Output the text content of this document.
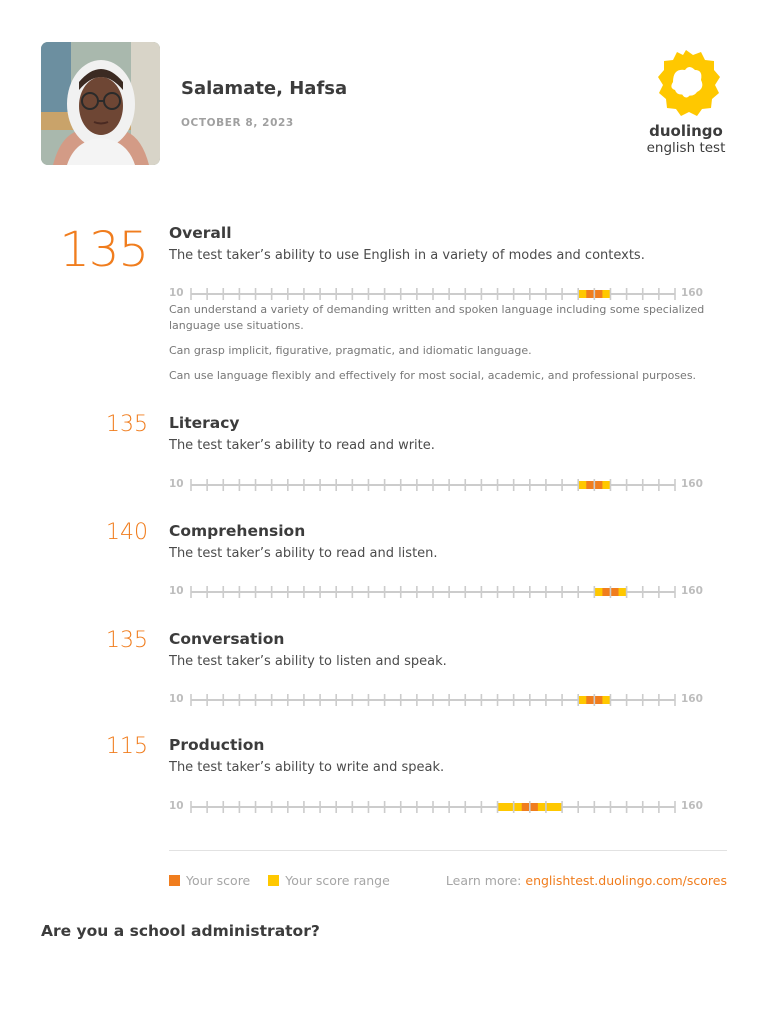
Salamate, Hafsa
OCTOBER 8, 2023	duolingo
english test
135 Overall
The test taker’s ability to use English in a variety of modes and contexts.
10	160

Can understand a variety of demanding written and spoken language including some specialized language use situations.

Can grasp implicit, figurative, pragmatic, and idiomatic language.

Can use language flexibly and effectively for most social, academic, and professional purposes.

135 Literacy
The test taker’s ability to read and write.
10	160
140 Comprehension
The test taker’s ability to read and listen.
10	160
135 Conversation
The test taker’s ability to listen and speak.
10	160
115 Production
The test taker’s ability to write and speak.
10	160
Your score	Your score range	Learn more: englishtest.duolingo.com/scores
Are you a school administrator?
